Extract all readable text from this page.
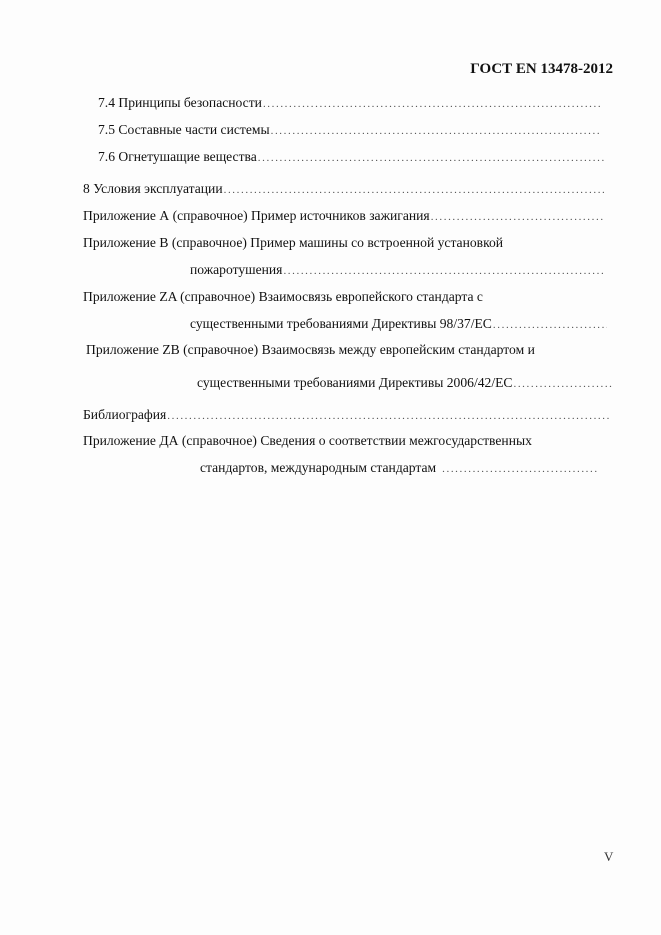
ГОСТ EN 13478-2012
7.4 Принципы безопасности
.....
7.5 Составные части системы
.....
7.6 Огнетушащие вещества
.....
8 Условия эксплуатации
.....
Приложение А (справочное) Пример источников зажигания
.....
Приложение В (справочное) Пример машины со встроенной установкой
пожаротушения
.....
Приложение ZA (справочное) Взаимосвязь европейского стандарта с
существенными требованиями Директивы 98/37/ЕС
.....
Приложение ZB (справочное) Взаимосвязь между европейским стандартом и
существенными требованиями Директивы 2006/42/ЕС
.....
Библиография
.....
Приложение ДА (справочное) Сведения о соответствии межгосударственных
стандартов, международным стандартам
.....
V
